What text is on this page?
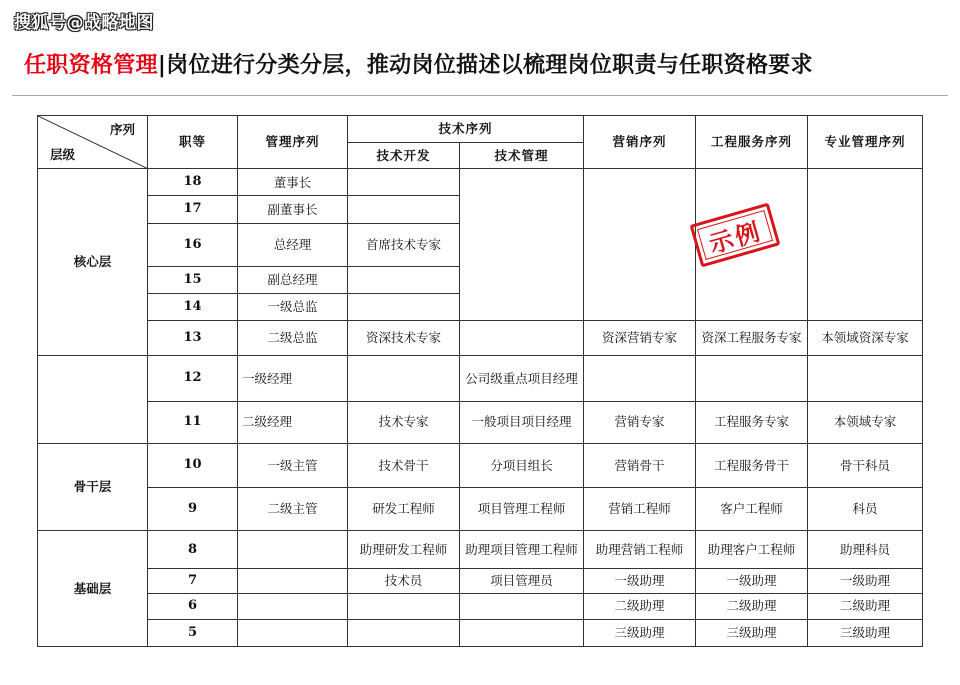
搜狐号@战略地图
任职资格管理|岗位进行分类分层，推动岗位描述以梳理岗位职责与任职资格要求
序列
层级	职等	管理序列	技术序列		营销序列	工程服务序列	专业管理序列
			技术开发	技术管理			
核心层	18	董事长					
	17	副董事长					
	16	总经理	首席技术专家				
	15	副总经理					
	14	一级总监					
	13	二级总监	资深技术专家		资深营销专家	资深工程服务专家	本领域资深专家
	12	一级经理		公司级重点项目经理			
	11	二级经理	技术专家	一般项目项目经理	营销专家	工程服务专家	本领域专家
骨干层	10	一级主管	技术骨干	分项目组长	营销骨干	工程服务骨干	骨干科员
	9	二级主管	研发工程师	项目管理工程师	营销工程师	客户工程师	科员
基础层	8		助理研发工程师	助理项目管理工程师	助理营销工程师	助理客户工程师	助理科员
	7		技术员	项目管理员	一级助理	一级助理	一级助理
	6				二级助理	二级助理	二级助理
	5				三级助理	三级助理	三级助理
示例
